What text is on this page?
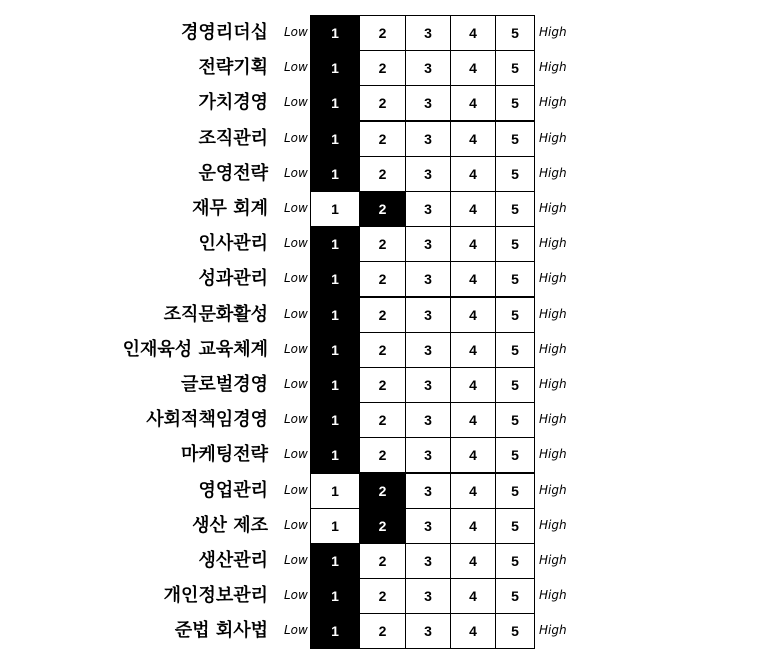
경영리더십 Low	1	2	3	4	5	High
전략기획 Low	1	2	3	4	5	High
가치경영 Low	1	2	3	4	5	High
조직관리 Low	1	2	3	4	5	High
운영전략 Low	1	2	3	4	5	High
재무 회계 Low	1	2	3	4	5	High
인사관리 Low	1	2	3	4	5	High
성과관리 Low	1	2	3	4	5	High
조직문화활성 Low	1	2	3	4	5	High
인재육성 교육체계 Low	1	2	3	4	5	High
글로벌경영 Low	1	2	3	4	5	High
사회적책임경영 Low	1	2	3	4	5	High
마케팅전략 Low	1	2	3	4	5	High
영업관리 Low	1	2	3	4	5	High
생산 제조 Low	1	2	3	4	5	High
생산관리 Low	1	2	3	4	5	High
개인정보관리 Low	1	2	3	4	5	High
준법 회사법 Low	1	2	3	4	5	High
